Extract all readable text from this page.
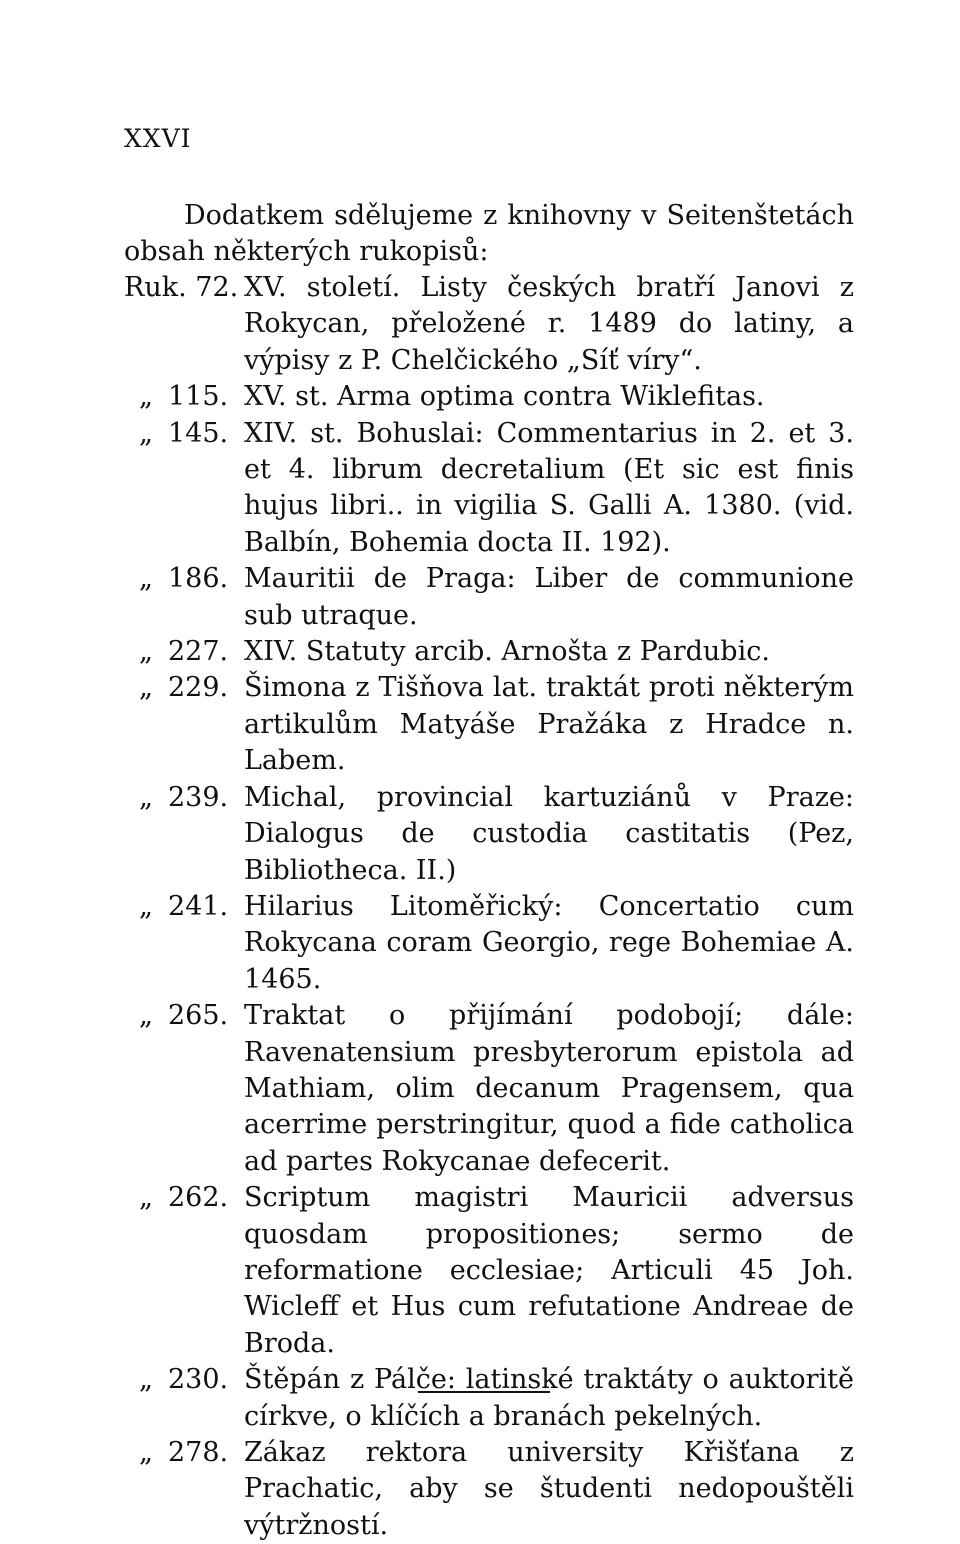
XXVI

Dodatkem sdělujeme z knihovny v Seitenštetách obsah některých rukopisů:

Ruk. 72. XV. století. Listy českých bratří Janovi z Rokycan, přeložené r. 1489 do latiny, a výpisy z P. Chelčického „Síť víry“.
„ 115. XV. st. Arma optima contra Wiklefitas.
„ 145. XIV. st. Bohuslai: Commentarius in 2. et 3. et 4. librum decretalium (Et sic est finis hujus libri.. in vigilia S. Galli A. 1380. (vid. Balbín, Bohemia docta II. 192).
„ 186. Mauritii de Praga: Liber de communione sub utraque.
„ 227. XIV. Statuty arcib. Arnošta z Pardubic.
„ 229. Šimona z Tišňova lat. traktát proti některým artikulům Matyáše Pražáka z Hradce n. Labem.
„ 239. Michal, provincial kartuziánů v Praze: Dialogus de custodia castitatis (Pez, Bibliotheca. II.)
„ 241. Hilarius Litoměřický: Concertatio cum Rokycana coram Georgio, rege Bohemiae A. 1465.
„ 265. Traktat o přijímání podobojí; dále: Ravenatensium presbyterorum epistola ad Mathiam, olim decanum Pragensem, qua acerrime perstringitur, quod a fide catholica ad partes Rokycanae defecerit.
„ 262. Scriptum magistri Mauricii adversus quosdam propositiones; sermo de reformatione ecclesiae; Articuli 45 Joh. Wicleff et Hus cum refutatione Andreae de Broda.
„ 230. Štěpán z Pálče: latinské traktáty o auktoritě církve, o klíčích a branách pekelných.
„ 278. Zákaz rektora university Křišťana z Prachatic, aby se študenti nedopouštěli výtržností.
